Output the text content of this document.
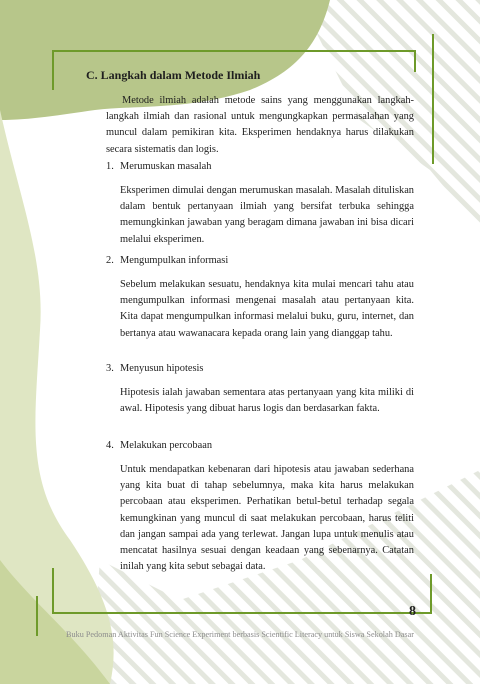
C. Langkah dalam Metode Ilmiah

Metode ilmiah adalah metode sains yang menggunakan langkah-langkah ilmiah dan rasional untuk mengungkapkan permasalahan yang muncul dalam pemikiran kita. Eksperimen hendaknya harus dilakukan secara sistematis dan logis.

1. Merumuskan masalah

Eksperimen dimulai dengan merumuskan masalah. Masalah dituliskan dalam bentuk pertanyaan ilmiah yang bersifat terbuka sehingga memungkinkan jawaban yang beragam dimana jawaban ini bisa dicari melalui eksperimen.

2. Mengumpulkan informasi

Sebelum melakukan sesuatu, hendaknya kita mulai mencari tahu atau mengumpulkan informasi mengenai masalah atau pertanyaan kita. Kita dapat mengumpulkan informasi melalui buku, guru, internet, dan bertanya atau wawanacara kepada orang lain yang dianggap tahu.

3. Menyusun hipotesis

Hipotesis ialah jawaban sementara atas pertanyaan yang kita miliki di awal. Hipotesis yang dibuat harus logis dan berdasarkan fakta.

4. Melakukan percobaan

Untuk mendapatkan kebenaran dari hipotesis atau jawaban sederhana yang kita buat di tahap sebelumnya, maka kita harus melakukan percobaan atau eksperimen. Perhatikan betul-betul terhadap segala kemungkinan yang muncul di saat melakukan percobaan, harus teliti dan jangan sampai ada yang terlewat. Jangan lupa untuk menulis atau mencatat hasilnya sesuai dengan keadaan yang sebenarnya. Catatan inilah yang kita sebut sebagai data.

8
Buku Pedoman Aktivitas Fun Science Experiment berbasis Scientific Literacy untuk Siswa Sekolah Dasar
